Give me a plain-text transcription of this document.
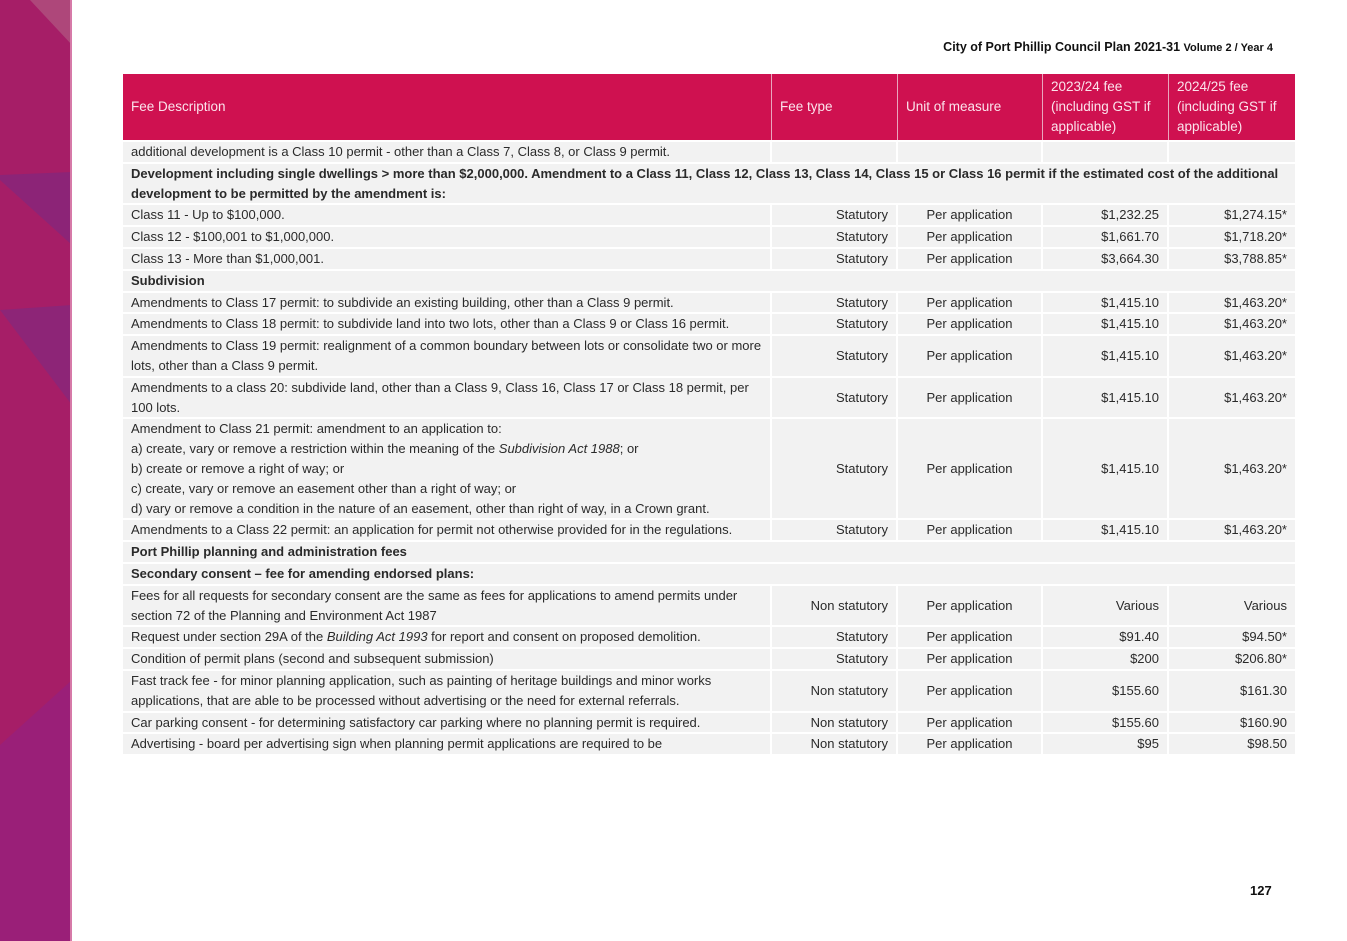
City of Port Phillip Council Plan 2021-31 Volume 2 / Year 4
Fee Description	Fee type	Unit of measure	2023/24 fee (including GST if applicable)	2024/25 fee (including GST if applicable)
additional development is a Class 10 permit - other than a Class 7, Class 8, or Class 9 permit.				
Development including single dwellings > more than $2,000,000. Amendment to a Class 11, Class 12, Class 13, Class 14, Class 15 or Class 16 permit if the estimated cost of the additional development to be permitted by the amendment is:				
Class 11 - Up to $100,000.	Statutory	Per application	$1,232.25	$1,274.15*
Class 12 - $100,001 to $1,000,000.	Statutory	Per application	$1,661.70	$1,718.20*
Class 13 - More than $1,000,001.	Statutory	Per application	$3,664.30	$3,788.85*
Subdivision				
Amendments to Class 17 permit: to subdivide an existing building, other than a Class 9 permit.	Statutory	Per application	$1,415.10	$1,463.20*
Amendments to Class 18 permit: to subdivide land into two lots, other than a Class 9 or Class 16 permit.	Statutory	Per application	$1,415.10	$1,463.20*
Amendments to Class 19 permit: realignment of a common boundary between lots or consolidate two or more lots, other than a Class 9 permit.	Statutory	Per application	$1,415.10	$1,463.20*
Amendments to a class 20: subdivide land, other than a Class 9, Class 16, Class 17 or Class 18 permit, per 100 lots.	Statutory	Per application	$1,415.10	$1,463.20*

Amendment to Class 21 permit: amendment to an application to:
a) create, vary or remove a restriction within the meaning of the Subdivision Act 1988; or
b) create or remove a right of way; or
c) create, vary or remove an easement other than a right of way; or
d) vary or remove a condition in the nature of an easement, other than right of way, in a Crown grant.	Statutory	Per application	$1,415.10	$1,463.20*
Amendments to a Class 22 permit: an application for permit not otherwise provided for in the regulations.	Statutory	Per application	$1,415.10	$1,463.20*
Port Phillip planning and administration fees				
Secondary consent – fee for amending endorsed plans:				
Fees for all requests for secondary consent are the same as fees for applications to amend permits under section 72 of the Planning and Environment Act 1987	Non statutory	Per application	Various	Various
Request under section 29A of the Building Act 1993 for report and consent on proposed demolition.	Statutory	Per application	$91.40	$94.50*
Condition of permit plans (second and subsequent submission)	Statutory	Per application	$200	$206.80*
Fast track fee - for minor planning application, such as painting of heritage buildings and minor works applications, that are able to be processed without advertising or the need for external referrals.	Non statutory	Per application	$155.60	$161.30
Car parking consent - for determining satisfactory car parking where no planning permit is required.	Non statutory	Per application	$155.60	$160.90
Advertising - board per advertising sign when planning permit applications are required to be	Non statutory	Per application	$95	$98.50
127
